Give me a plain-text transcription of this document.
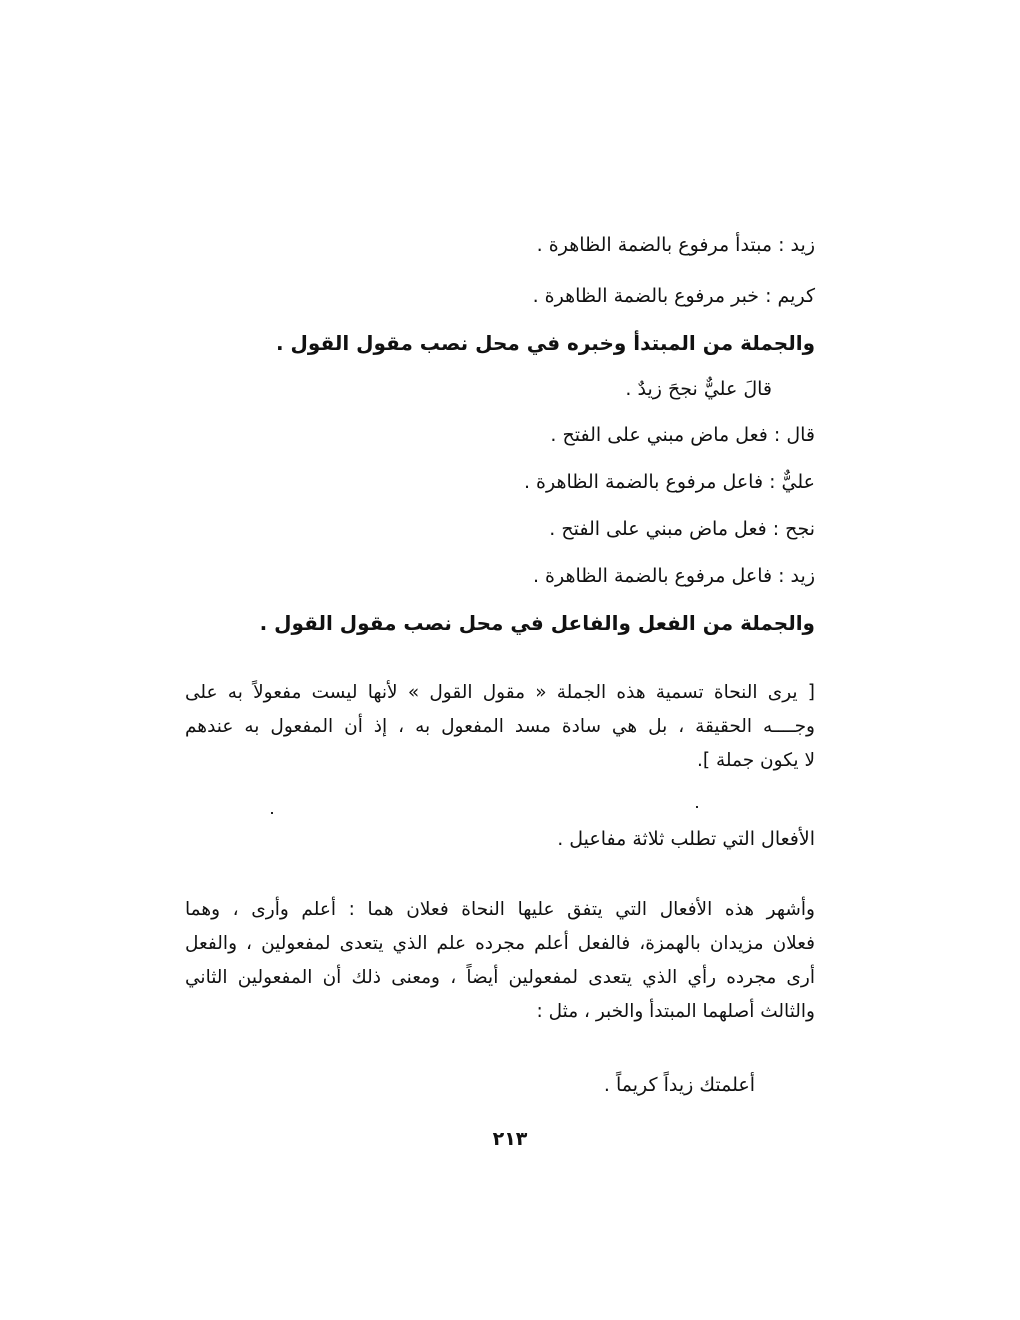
زيد : مبتدأ مرفوع بالضمة الظاهرة .
كريم : خبر مرفوع بالضمة الظاهرة .
والجملة من المبتدأ وخبره في محل نصب مقول القول .
قالَ عليٌّ نجحَ زيدٌ .
قال : فعل ماض مبني على الفتح .
عليٌّ : فاعل مرفوع بالضمة الظاهرة .
نجح : فعل ماض مبني على الفتح .
زيد : فاعل مرفوع بالضمة الظاهرة .
والجملة من الفعل والفاعل في محل نصب مقول القول .
[ يرى النحاة تسمية هذه الجملة « مقول القول » لأنها ليست مفعولاً به على
وجــــه الحقيقة ، بل هي سادة مسد المفعول به ، إذ أن المفعول به عندهم
لا يكون جملة ].
الأفعال التي تطلب ثلاثة مفاعيل .
وأشهر هذه الأفعال التي يتفق عليها النحاة فعلان هما : أعلم وأرى ، وهما
فعلان مزيدان بالهمزة، فالفعل أعلم مجرده علم الذي يتعدى لمفعولين ، والفعل
أرى مجرده رأي الذي يتعدى لمفعولين أيضاً ، ومعنى ذلك أن المفعولين الثاني
والثالث أصلهما المبتدأ والخبر ، مثل :
أعلمتك زيداً كريماً .
٢١٣
